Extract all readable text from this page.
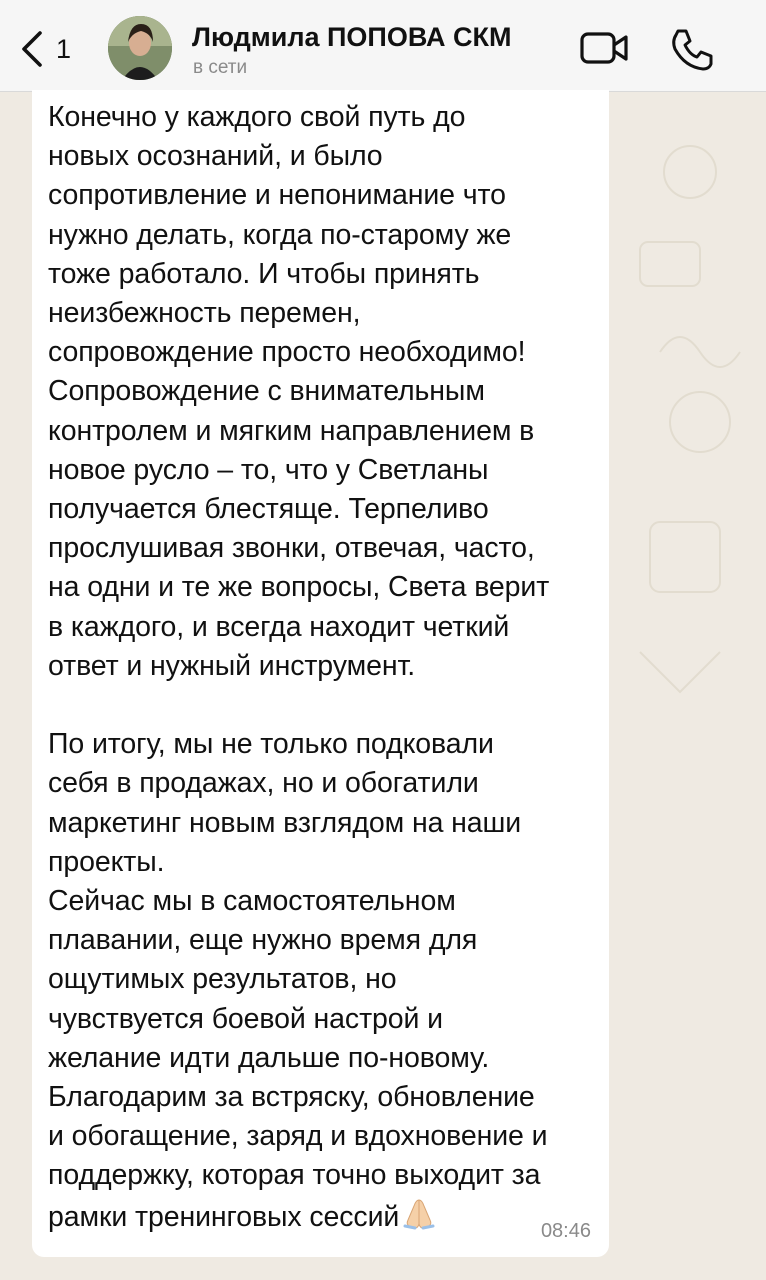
1	Людмила ПОПОВА СКМ
в сети
Конечно у каждого свой путь до
новых осознаний, и было
сопротивление и непонимание что
нужно делать, когда по-старому же
тоже работало. И чтобы принять
неизбежность перемен,
сопровождение просто необходимо!
Сопровождение с внимательным
контролем и мягким направлением в
новое русло – то, что у Светланы
получается блестяще. Терпеливо
прослушивая звонки, отвечая, часто,
на одни и те же вопросы, Света верит
в каждого, и всегда находит четкий
ответ и нужный инструмент.

По итогу, мы не только подковали
себя в продажах, но и обогатили
маркетинг новым взглядом на наши
проекты.
Сейчас мы в самостоятельном
плавании, еще нужно время для
ощутимых результатов, но
чувствуется боевой настрой и
желание идти дальше по-новому.
Благодарим за встряску, обновление
и обогащение, заряд и вдохновение и
поддержку, которая точно выходит за
рамки тренинговых сессий	08:46
